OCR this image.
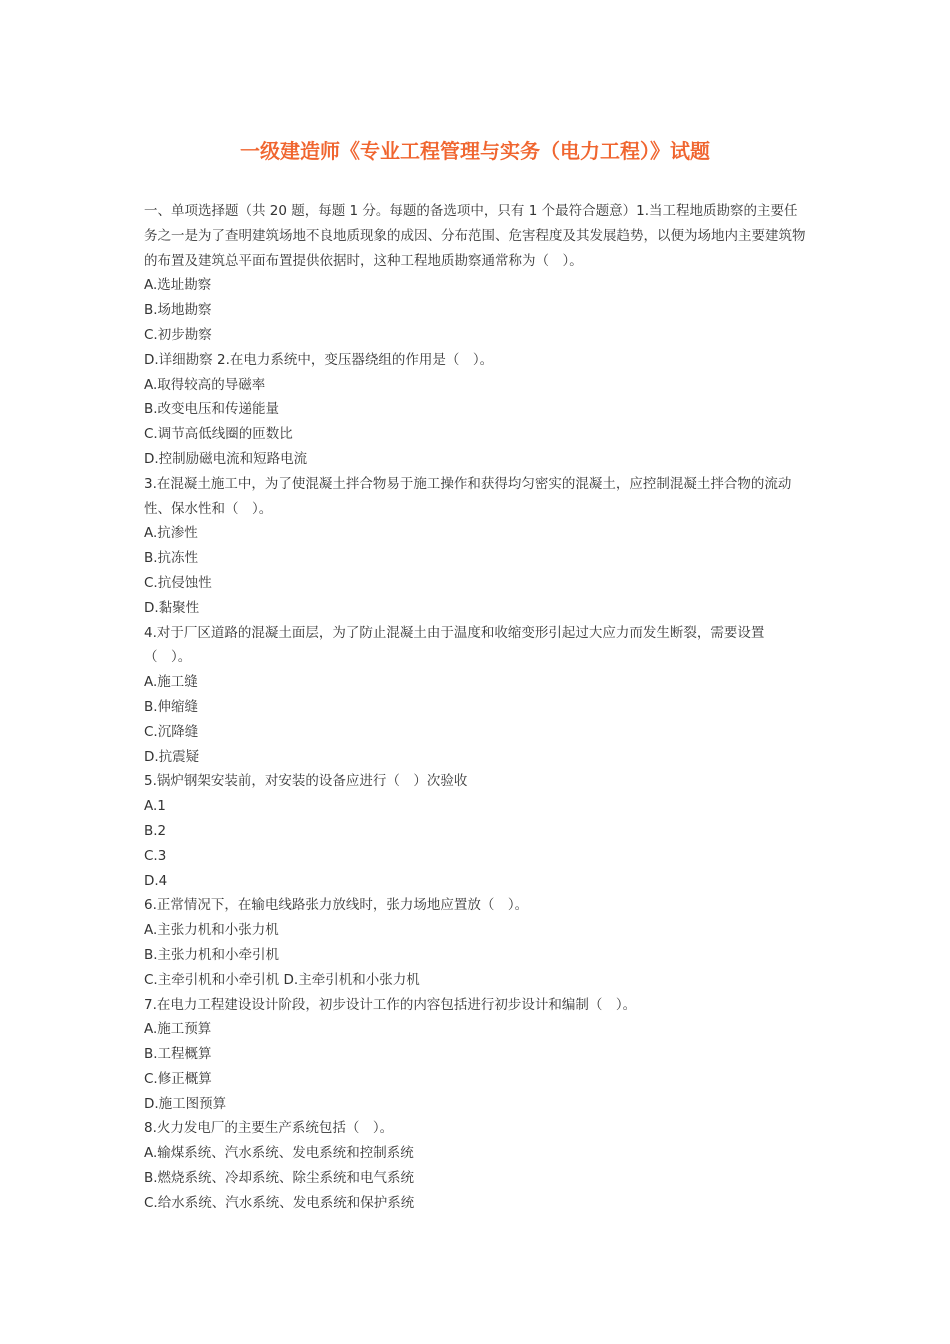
一级建造师《专业工程管理与实务（电力工程）》试题

一、单项选择题（共 20 题，每题 1 分。每题的备选项中，只有 1 个最符合题意）1.当工程地质勘察的主要任务之一是为了查明建筑场地不良地质现象的成因、分布范围、危害程度及其发展趋势，以便为场地内主要建筑物的布置及建筑总平面布置提供依据时，这种工程地质勘察通常称为（　）。

A.选址勘察

B.场地勘察

C.初步勘察

D.详细勘察 2.在电力系统中，变压器绕组的作用是（　）。

A.取得较高的导磁率

B.改变电压和传递能量

C.调节高低线圈的匝数比

D.控制励磁电流和短路电流

3.在混凝土施工中，为了使混凝土拌合物易于施工操作和获得均匀密实的混凝土，应控制混凝土拌合物的流动性、保水性和（　）。

A.抗渗性

B.抗冻性

C.抗侵蚀性

D.黏聚性

4.对于厂区道路的混凝土面层，为了防止混凝土由于温度和收缩变形引起过大应力而发生断裂，需要设置（　）。

A.施工缝

B.伸缩缝

C.沉降缝

D.抗震疑

5.锅炉钢架安装前，对安装的设备应进行（　）次验收

A.1

B.2

C.3

D.4

6.正常情况下，在输电线路张力放线时，张力场地应置放（　）。

A.主张力机和小张力机

B.主张力机和小牵引机

C.主牵引机和小牵引机 D.主牵引机和小张力机

7.在电力工程建设设计阶段，初步设计工作的内容包括进行初步设计和编制（　）。

A.施工预算

B.工程概算

C.修正概算

D.施工图预算

8.火力发电厂的主要生产系统包括（　）。

A.输煤系统、汽水系统、发电系统和控制系统

B.燃烧系统、冷却系统、除尘系统和电气系统

C.给水系统、汽水系统、发电系统和保护系统
